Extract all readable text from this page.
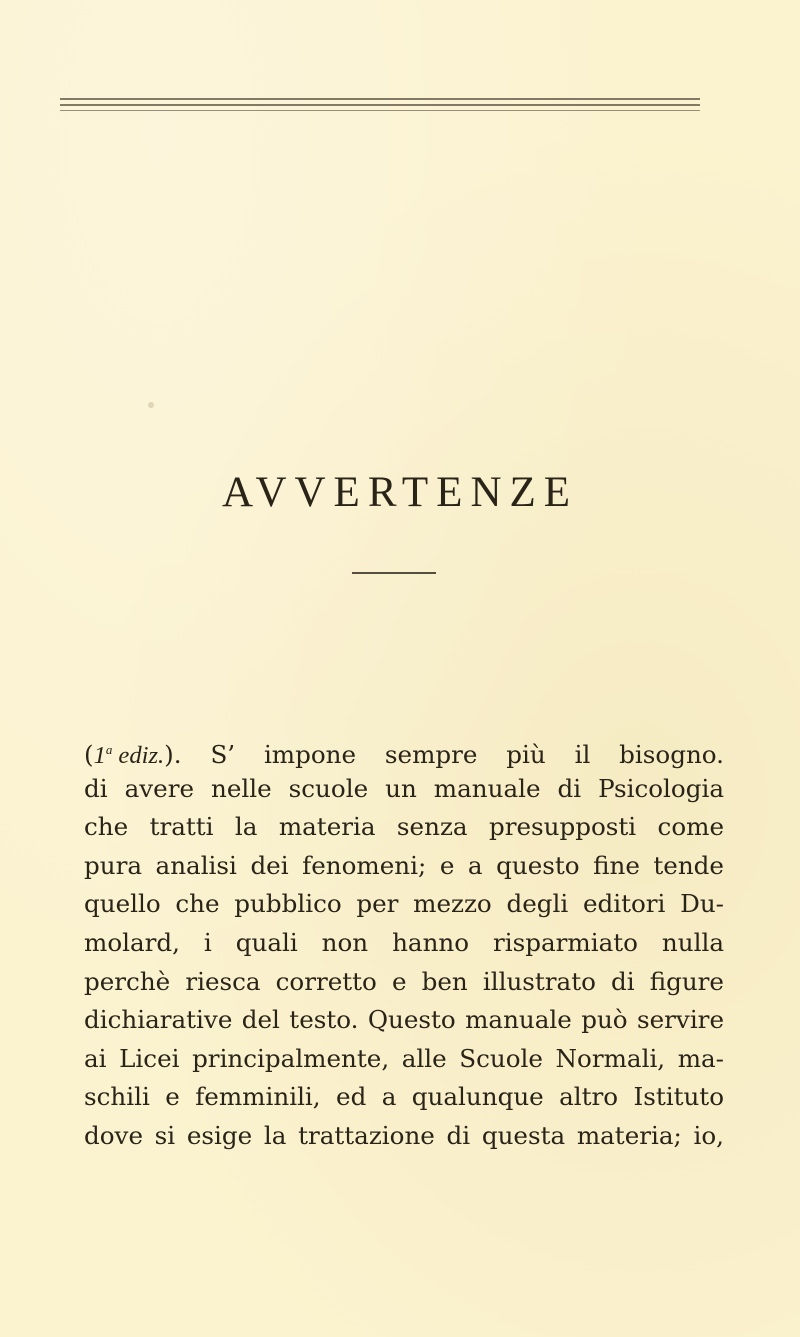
AVVERTENZE
(1$^a$ ediz.). S’ impone sempre più il bisogno.
di avere nelle scuole un manuale di Psicologia
che tratti la materia senza presupposti come
pura analisi dei fenomeni; e a questo fine tende
quello che pubblico per mezzo degli editori Du-
molard, i quali non hanno risparmiato nulla
perchè riesca corretto e ben illustrato di figure
dichiarative del testo. Questo manuale può servire
ai Licei principalmente, alle Scuole Normali, ma-
schili e femminili, ed a qualunque altro Istituto
dove si esige la trattazione di questa materia; io,
